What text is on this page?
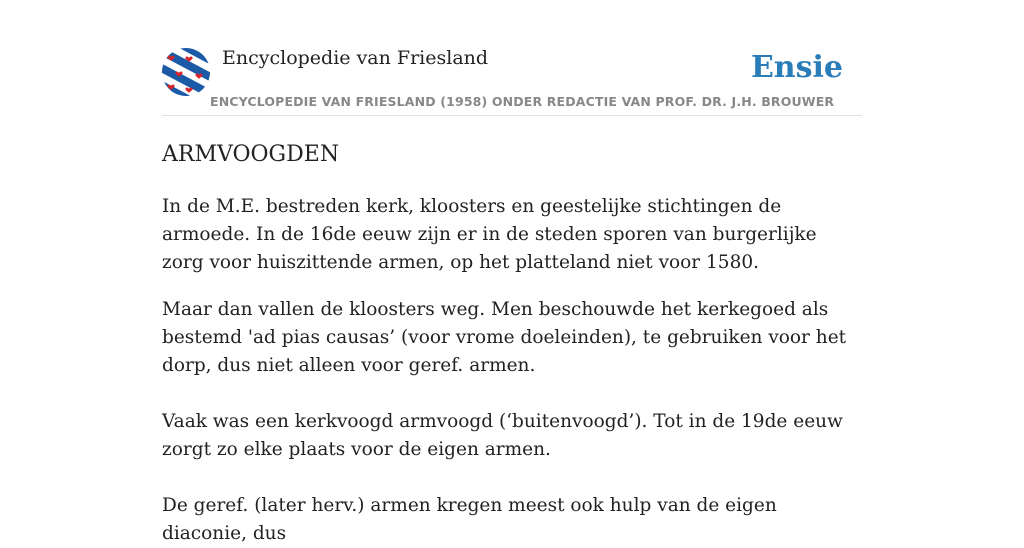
Encyclopedie van Friesland	Ensie
ENCYCLOPEDIE VAN FRIESLAND (1958) ONDER REDACTIE VAN PROF. DR. J.H. BROUWER
ARMVOOGDEN

In de M.E. bestreden kerk, kloosters en geestelijke stichtingen de armoede. In de 16de eeuw zijn er in de steden sporen van burgerlijke zorg voor huiszittende armen, op het platteland niet voor 1580.

Maar dan vallen de kloosters weg. Men beschouwde het kerkegoed als bestemd 'ad pias causas’ (voor vrome doeleinden), te gebruiken voor het dorp, dus niet alleen voor geref. armen.

Vaak was een kerkvoogd armvoogd (‘buitenvoogd’). Tot in de 19de eeuw zorgt zo elke plaats voor de eigen armen.

De geref. (later herv.) armen kregen meest ook hulp van de eigen diaconie, dus
